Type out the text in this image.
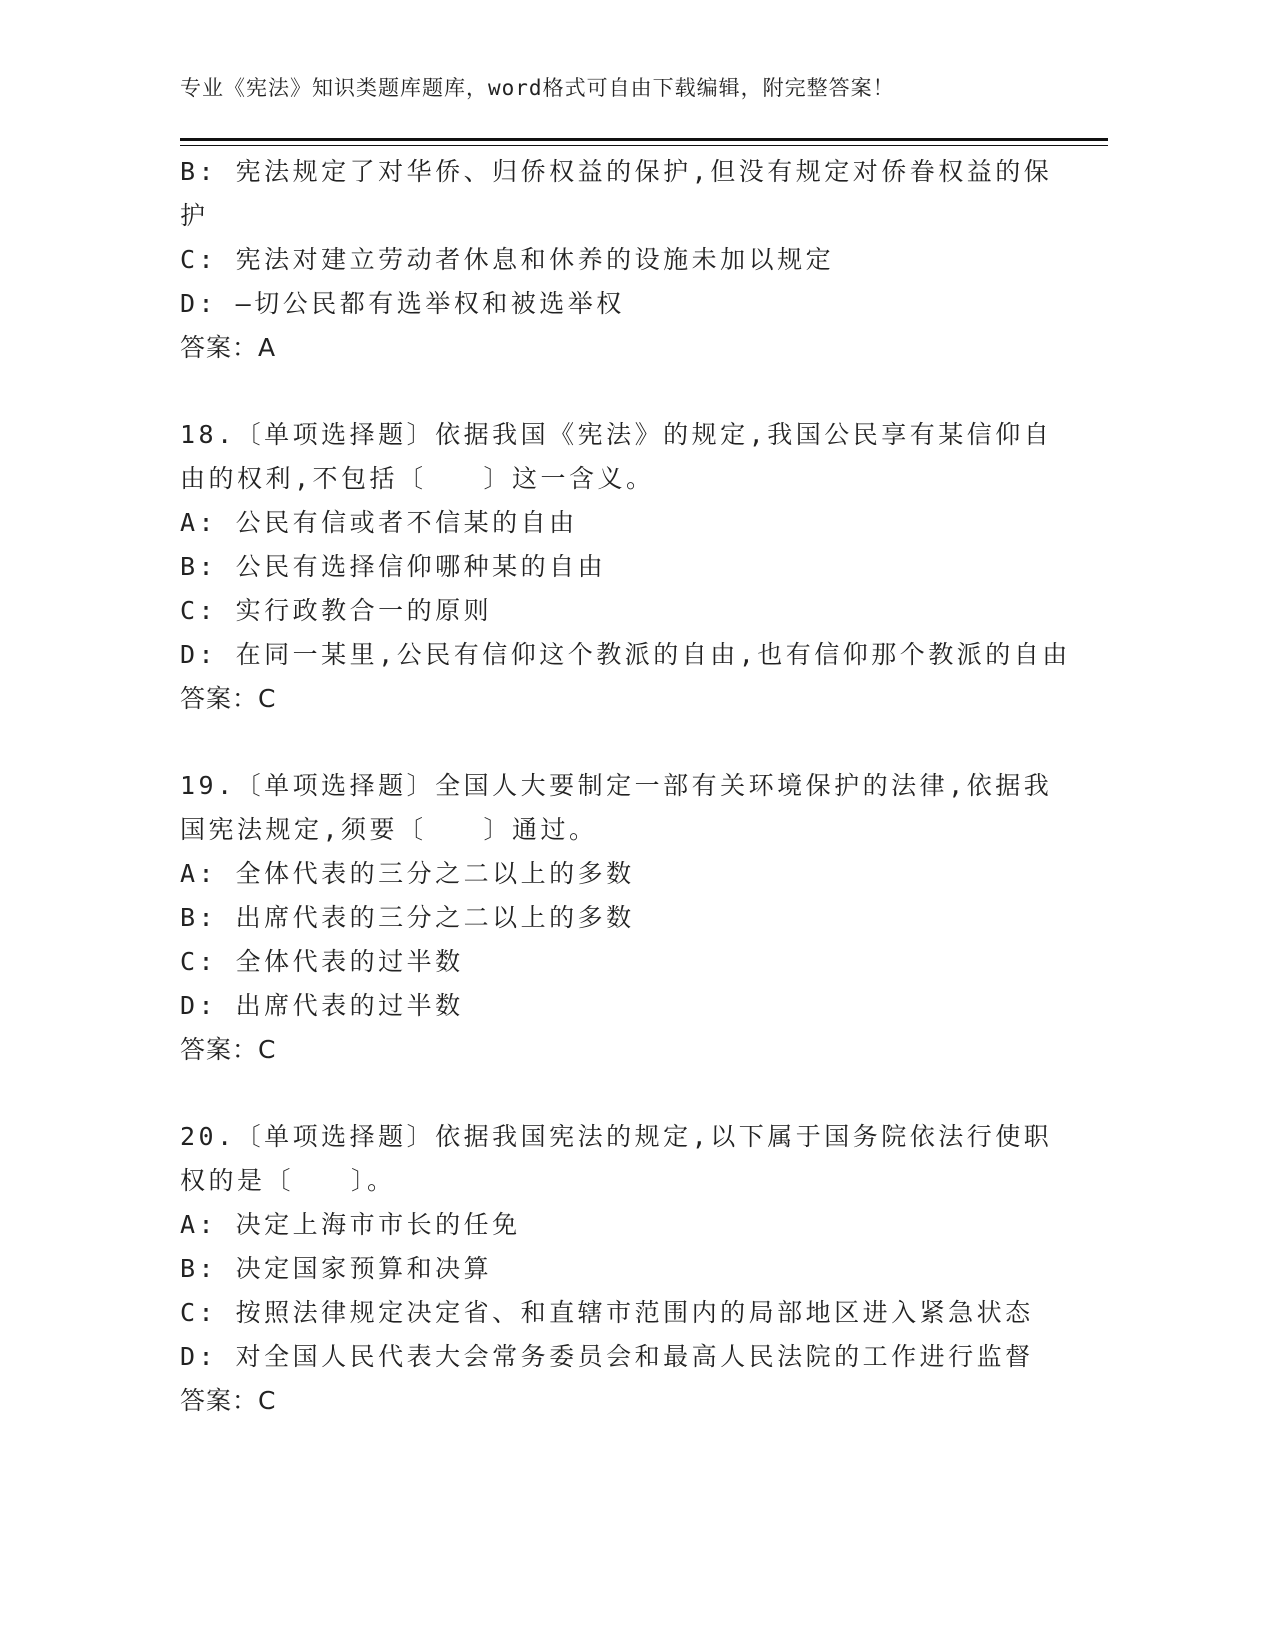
专业《宪法》知识类题库题库，word格式可自由下载编辑，附完整答案！
B: 宪法规定了对华侨、归侨权益的保护,但没有规定对侨眷权益的保
护
C: 宪法对建立劳动者休息和休养的设施未加以规定
D: —切公民都有选举权和被选举权
答案：A
18.〔单项选择题〕依据我国《宪法》的规定,我国公民享有某信仰自
由的权利,不包括〔　　〕这一含义。
A: 公民有信或者不信某的自由
B: 公民有选择信仰哪种某的自由
C: 实行政教合一的原则
D: 在同一某里,公民有信仰这个教派的自由,也有信仰那个教派的自由
答案：C
19.〔单项选择题〕全国人大要制定一部有关环境保护的法律,依据我
国宪法规定,须要〔　　〕通过。
A: 全体代表的三分之二以上的多数
B: 出席代表的三分之二以上的多数
C: 全体代表的过半数
D: 出席代表的过半数
答案：C
20.〔单项选择题〕依据我国宪法的规定,以下属于国务院依法行使职
权的是〔　　〕。
A: 决定上海市市长的任免
B: 决定国家预算和决算
C: 按照法律规定决定省、和直辖市范围内的局部地区进入紧急状态
D: 对全国人民代表大会常务委员会和最高人民法院的工作进行监督
答案：C
